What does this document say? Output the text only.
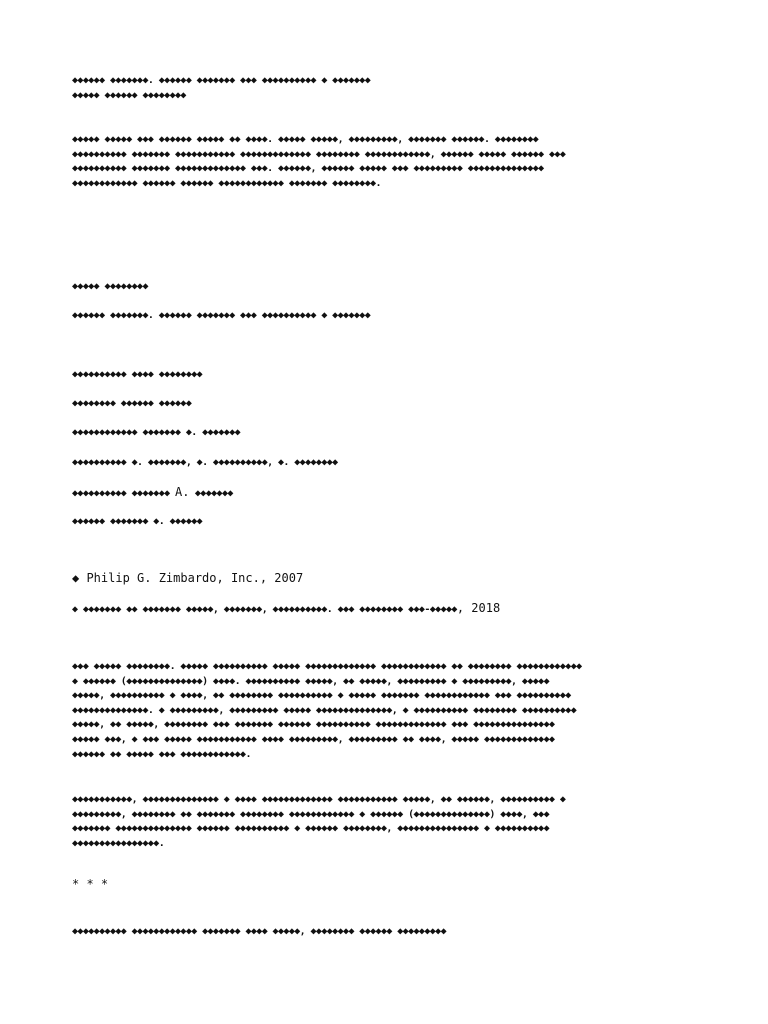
◆◆◆◆◆◆ ◆◆◆◆◆◆◆. ◆◆◆◆◆◆ ◆◆◆◆◆◆◆ ◆◆◆ ◆◆◆◆◆◆◆◆◆◆ ◆ ◆◆◆◆◆◆◆
◆◆◆◆◆ ◆◆◆◆◆◆ ◆◆◆◆◆◆◆◆
◆◆◆◆◆ ◆◆◆◆◆ ◆◆◆ ◆◆◆◆◆◆ ◆◆◆◆◆ ◆◆ ◆◆◆◆. ◆◆◆◆◆ ◆◆◆◆◆, ◆◆◆◆◆◆◆◆◆, ◆◆◆◆◆◆◆ ◆◆◆◆◆◆. ◆◆◆◆◆◆◆◆
◆◆◆◆◆◆◆◆◆◆ ◆◆◆◆◆◆◆ ◆◆◆◆◆◆◆◆◆◆◆ ◆◆◆◆◆◆◆◆◆◆◆◆◆ ◆◆◆◆◆◆◆◆ ◆◆◆◆◆◆◆◆◆◆◆◆, ◆◆◆◆◆◆ ◆◆◆◆◆ ◆◆◆◆◆◆ ◆◆◆
◆◆◆◆◆◆◆◆◆◆ ◆◆◆◆◆◆◆ ◆◆◆◆◆◆◆◆◆◆◆◆◆ ◆◆◆. ◆◆◆◆◆◆, ◆◆◆◆◆◆ ◆◆◆◆◆ ◆◆◆ ◆◆◆◆◆◆◆◆◆ ◆◆◆◆◆◆◆◆◆◆◆◆◆◆
◆◆◆◆◆◆◆◆◆◆◆◆ ◆◆◆◆◆◆ ◆◆◆◆◆◆ ◆◆◆◆◆◆◆◆◆◆◆◆ ◆◆◆◆◆◆◆ ◆◆◆◆◆◆◆◆.
◆◆◆◆◆ ◆◆◆◆◆◆◆◆
◆◆◆◆◆◆ ◆◆◆◆◆◆◆. ◆◆◆◆◆◆ ◆◆◆◆◆◆◆ ◆◆◆ ◆◆◆◆◆◆◆◆◆◆ ◆ ◆◆◆◆◆◆◆
◆◆◆◆◆◆◆◆◆◆ ◆◆◆◆ ◆◆◆◆◆◆◆◆
◆◆◆◆◆◆◆◆ ◆◆◆◆◆◆ ◆◆◆◆◆◆
◆◆◆◆◆◆◆◆◆◆◆◆ ◆◆◆◆◆◆◆ ◆. ◆◆◆◆◆◆◆
◆◆◆◆◆◆◆◆◆◆ ◆. ◆◆◆◆◆◆◆, ◆. ◆◆◆◆◆◆◆◆◆◆, ◆. ◆◆◆◆◆◆◆◆
◆◆◆◆◆◆◆◆◆◆ ◆◆◆◆◆◆◆ A. ◆◆◆◆◆◆◆
◆◆◆◆◆◆ ◆◆◆◆◆◆◆ ◆. ◆◆◆◆◆◆
◆ Philip G. Zimbardo, Inc., 2007
◆ ◆◆◆◆◆◆◆ ◆◆ ◆◆◆◆◆◆◆ ◆◆◆◆◆, ◆◆◆◆◆◆◆, ◆◆◆◆◆◆◆◆◆◆. ◆◆◆ ◆◆◆◆◆◆◆◆ ◆◆◆-◆◆◆◆◆, 2018
◆◆◆ ◆◆◆◆◆ ◆◆◆◆◆◆◆◆. ◆◆◆◆◆ ◆◆◆◆◆◆◆◆◆◆ ◆◆◆◆◆ ◆◆◆◆◆◆◆◆◆◆◆◆◆ ◆◆◆◆◆◆◆◆◆◆◆◆ ◆◆ ◆◆◆◆◆◆◆◆ ◆◆◆◆◆◆◆◆◆◆◆◆
◆ ◆◆◆◆◆◆ (◆◆◆◆◆◆◆◆◆◆◆◆◆◆) ◆◆◆◆. ◆◆◆◆◆◆◆◆◆◆ ◆◆◆◆◆, ◆◆ ◆◆◆◆◆, ◆◆◆◆◆◆◆◆◆ ◆ ◆◆◆◆◆◆◆◆◆, ◆◆◆◆◆
◆◆◆◆◆, ◆◆◆◆◆◆◆◆◆◆ ◆ ◆◆◆◆, ◆◆ ◆◆◆◆◆◆◆◆ ◆◆◆◆◆◆◆◆◆◆ ◆ ◆◆◆◆◆ ◆◆◆◆◆◆◆ ◆◆◆◆◆◆◆◆◆◆◆◆ ◆◆◆ ◆◆◆◆◆◆◆◆◆◆
◆◆◆◆◆◆◆◆◆◆◆◆◆◆. ◆ ◆◆◆◆◆◆◆◆◆, ◆◆◆◆◆◆◆◆◆ ◆◆◆◆◆ ◆◆◆◆◆◆◆◆◆◆◆◆◆◆, ◆ ◆◆◆◆◆◆◆◆◆◆ ◆◆◆◆◆◆◆◆ ◆◆◆◆◆◆◆◆◆◆
◆◆◆◆◆, ◆◆ ◆◆◆◆◆, ◆◆◆◆◆◆◆◆ ◆◆◆ ◆◆◆◆◆◆◆ ◆◆◆◆◆◆ ◆◆◆◆◆◆◆◆◆◆ ◆◆◆◆◆◆◆◆◆◆◆◆◆ ◆◆◆ ◆◆◆◆◆◆◆◆◆◆◆◆◆◆◆
◆◆◆◆◆ ◆◆◆, ◆ ◆◆◆ ◆◆◆◆◆ ◆◆◆◆◆◆◆◆◆◆◆ ◆◆◆◆ ◆◆◆◆◆◆◆◆◆, ◆◆◆◆◆◆◆◆◆ ◆◆ ◆◆◆◆, ◆◆◆◆◆ ◆◆◆◆◆◆◆◆◆◆◆◆◆
◆◆◆◆◆◆ ◆◆ ◆◆◆◆◆ ◆◆◆ ◆◆◆◆◆◆◆◆◆◆◆◆.
◆◆◆◆◆◆◆◆◆◆◆, ◆◆◆◆◆◆◆◆◆◆◆◆◆◆ ◆ ◆◆◆◆ ◆◆◆◆◆◆◆◆◆◆◆◆◆ ◆◆◆◆◆◆◆◆◆◆◆ ◆◆◆◆◆, ◆◆ ◆◆◆◆◆◆, ◆◆◆◆◆◆◆◆◆◆ ◆
◆◆◆◆◆◆◆◆◆, ◆◆◆◆◆◆◆◆ ◆◆ ◆◆◆◆◆◆◆ ◆◆◆◆◆◆◆◆ ◆◆◆◆◆◆◆◆◆◆◆◆ ◆ ◆◆◆◆◆◆ (◆◆◆◆◆◆◆◆◆◆◆◆◆◆) ◆◆◆◆, ◆◆◆
◆◆◆◆◆◆◆ ◆◆◆◆◆◆◆◆◆◆◆◆◆◆ ◆◆◆◆◆◆ ◆◆◆◆◆◆◆◆◆◆ ◆ ◆◆◆◆◆◆ ◆◆◆◆◆◆◆◆, ◆◆◆◆◆◆◆◆◆◆◆◆◆◆◆ ◆ ◆◆◆◆◆◆◆◆◆◆
◆◆◆◆◆◆◆◆◆◆◆◆◆◆◆◆.
* * *
◆◆◆◆◆◆◆◆◆◆ ◆◆◆◆◆◆◆◆◆◆◆◆ ◆◆◆◆◆◆◆ ◆◆◆◆ ◆◆◆◆◆, ◆◆◆◆◆◆◆◆ ◆◆◆◆◆◆ ◆◆◆◆◆◆◆◆◆
